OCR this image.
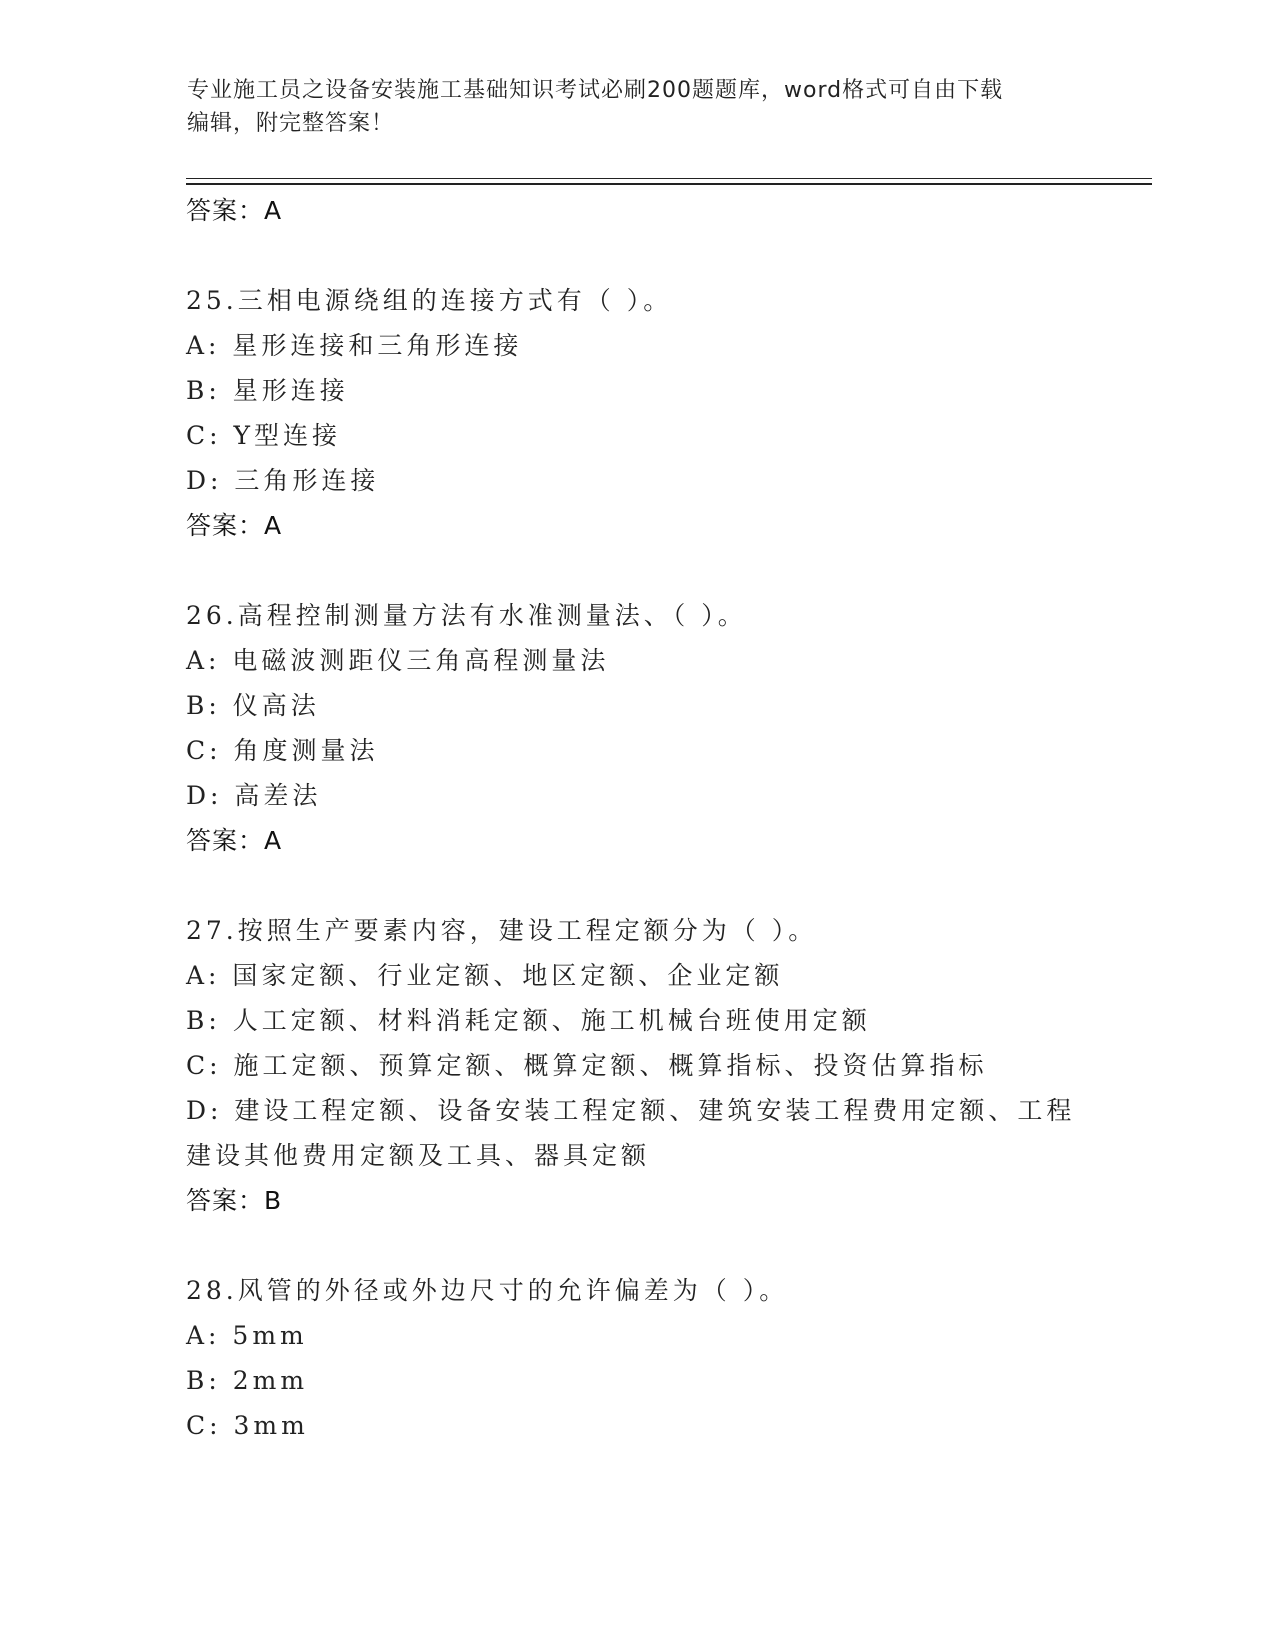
专业施工员之设备安装施工基础知识考试必刷200题题库，word格式可自由下载
编辑，附完整答案！

答案：A
25.三相电源绕组的连接方式有（ ）。
A: 星形连接和三角形连接
B: 星形连接
C: Y型连接
D: 三角形连接
答案：A
26.高程控制测量方法有水准测量法、（ ）。
A: 电磁波测距仪三角高程测量法
B: 仪高法
C: 角度测量法
D: 高差法
答案：A
27.按照生产要素内容，建设工程定额分为（ ）。
A: 国家定额、行业定额、地区定额、企业定额
B: 人工定额、材料消耗定额、施工机械台班使用定额
C: 施工定额、预算定额、概算定额、概算指标、投资估算指标
D: 建设工程定额、设备安装工程定额、建筑安装工程费用定额、工程
建设其他费用定额及工具、器具定额
答案：B
28.风管的外径或外边尺寸的允许偏差为（ ）。
A: 5mm
B: 2mm
C: 3mm
